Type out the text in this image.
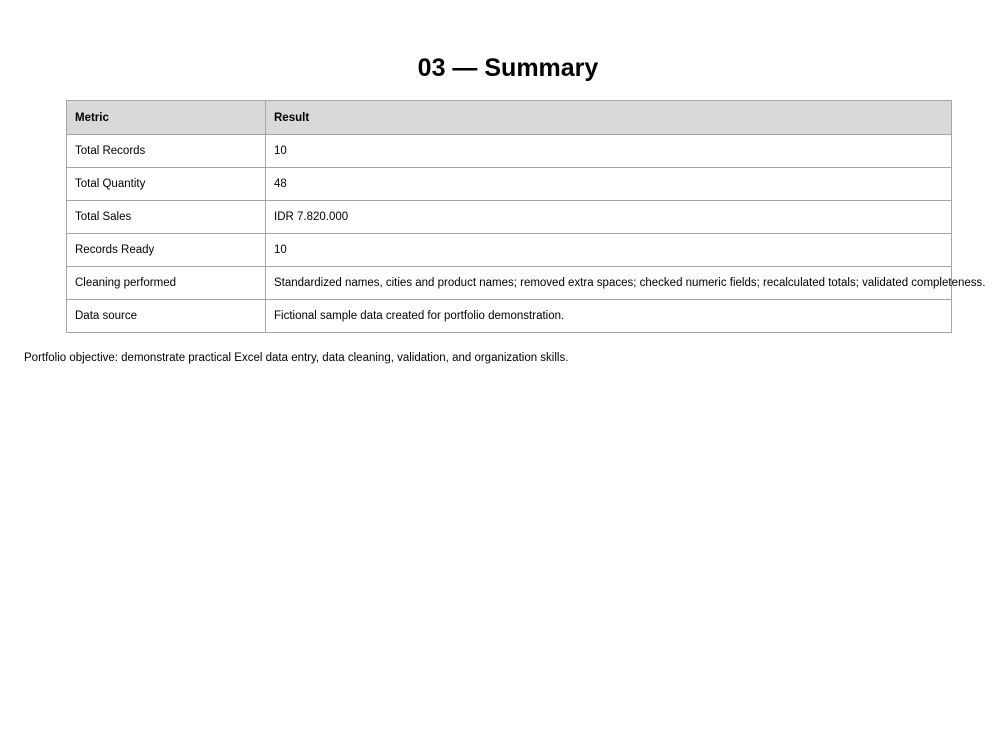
03 — Summary
Metric	Result
Total Records	10
Total Quantity	48
Total Sales	IDR 7.820.000
Records Ready	10
Cleaning performed	Standardized names, cities and product names; removed extra spaces; checked numeric fields; recalculated totals; validated completeness.
Data source	Fictional sample data created for portfolio demonstration.

Portfolio objective: demonstrate practical Excel data entry, data cleaning, validation, and organization skills.
